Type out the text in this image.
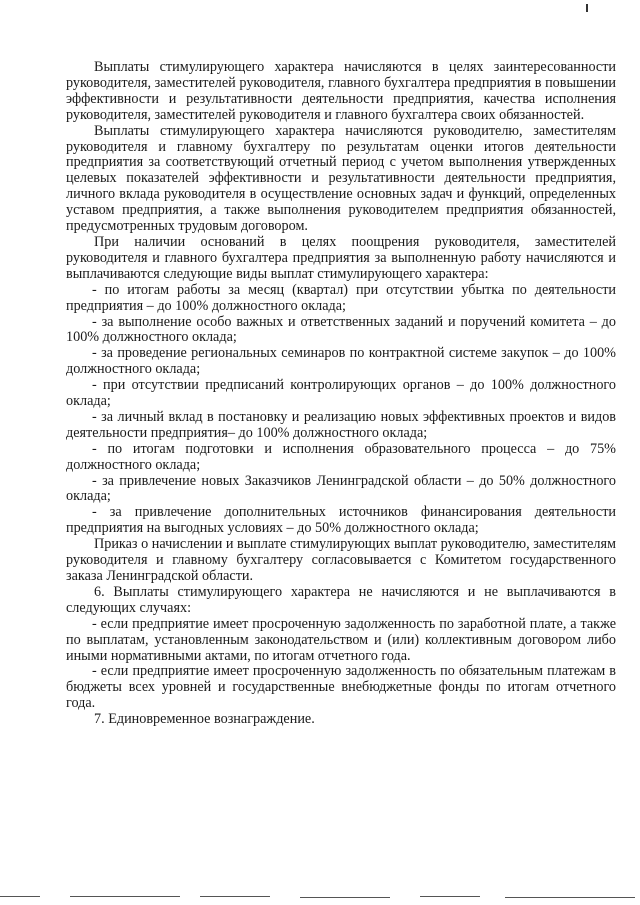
Выплаты стимулирующего характера начисляются в целях заинтересованности руководителя, заместителей руководителя, главного бухгалтера предприятия в повышении эффективности и результативности деятельности предприятия, качества исполнения руководителя, заместителей руководителя и главного бухгалтера своих обязанностей.

Выплаты стимулирующего характера начисляются руководителю, заместителям руководителя и главному бухгалтеру по результатам оценки итогов деятельности предприятия за соответствующий отчетный период с учетом выполнения утвержденных целевых показателей эффективности и результативности деятельности предприятия, личного вклада руководителя в осуществление основных задач и функций, определенных уставом предприятия, а также выполнения руководителем предприятия обязанностей, предусмотренных трудовым договором.

При наличии оснований в целях поощрения руководителя, заместителей руководителя и главного бухгалтера предприятия за выполненную работу начисляются и выплачиваются следующие виды выплат стимулирующего характера:

- по итогам работы за месяц (квартал) при отсутствии убытка по деятельности предприятия – до 100% должностного оклада;

- за выполнение особо важных и ответственных заданий и поручений комитета – до 100% должностного оклада;

- за проведение региональных семинаров по контрактной системе закупок – до 100% должностного оклада;

- при отсутствии предписаний контролирующих органов – до 100% должностного оклада;

- за личный вклад в постановку и реализацию новых эффективных проектов и видов деятельности предприятия– до 100% должностного оклада;

- по итогам подготовки и исполнения образовательного процесса – до 75% должностного оклада;

- за привлечение новых Заказчиков Ленинградской области – до 50% должностного оклада;

- за привлечение дополнительных источников финансирования деятельности предприятия на выгодных условиях – до 50% должностного оклада;

Приказ о начислении и выплате стимулирующих выплат руководителю, заместителям руководителя и главному бухгалтеру согласовывается с Комитетом государственного заказа Ленинградской области.

6. Выплаты стимулирующего характера не начисляются и не выплачиваются в следующих случаях:

- если предприятие имеет просроченную задолженность по заработной плате, а также по выплатам, установленным законодательством и (или) коллективным договором либо иными нормативными актами, по итогам отчетного года.

- если предприятие имеет просроченную задолженность по обязательным платежам в бюджеты всех уровней и государственные внебюджетные фонды по итогам отчетного года.

7. Единовременное вознаграждение.
